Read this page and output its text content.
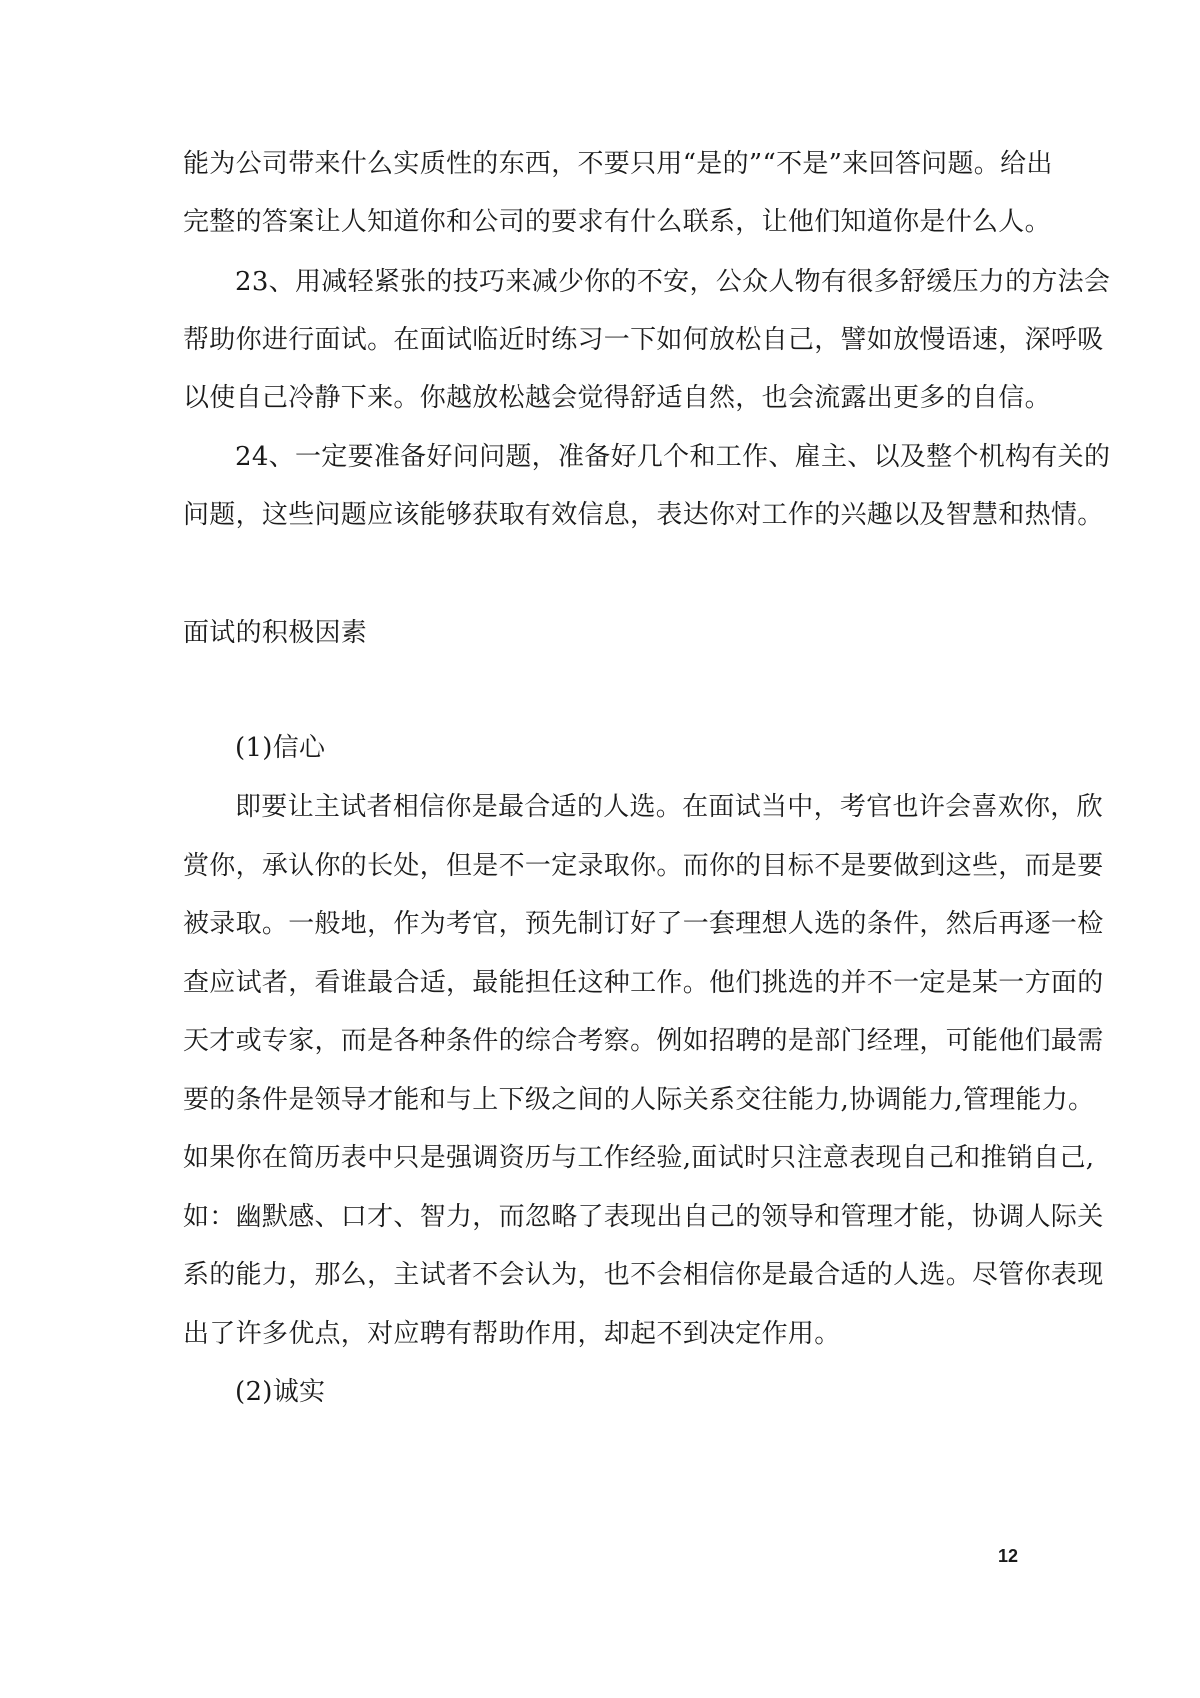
能为公司带来什么实质性的东西，不要只用“是的”“不是”来回答问题。给出
完整的答案让人知道你和公司的要求有什么联系，让他们知道你是什么人。
23、用减轻紧张的技巧来减少你的不安，公众人物有很多舒缓压力的方法会
帮助你进行面试。在面试临近时练习一下如何放松自己，譬如放慢语速，深呼吸
以使自己冷静下来。你越放松越会觉得舒适自然，也会流露出更多的自信。
24、一定要准备好问问题，准备好几个和工作、雇主、以及整个机构有关的
问题，这些问题应该能够获取有效信息，表达你对工作的兴趣以及智慧和热情。
面试的积极因素
(1)信心
即要让主试者相信你是最合适的人选。在面试当中，考官也许会喜欢你，欣
赏你，承认你的长处，但是不一定录取你。而你的目标不是要做到这些，而是要
被录取。一般地，作为考官，预先制订好了一套理想人选的条件，然后再逐一检
查应试者，看谁最合适，最能担任这种工作。他们挑选的并不一定是某一方面的
天才或专家，而是各种条件的综合考察。例如招聘的是部门经理，可能他们最需
要的条件是领导才能和与上下级之间的人际关系交往能力,协调能力,管理能力。
如果你在简历表中只是强调资历与工作经验,面试时只注意表现自己和推销自己,
如：幽默感、口才、智力，而忽略了表现出自己的领导和管理才能，协调人际关
系的能力，那么，主试者不会认为，也不会相信你是最合适的人选。尽管你表现
出了许多优点，对应聘有帮助作用，却起不到决定作用。
(2)诚实
12
